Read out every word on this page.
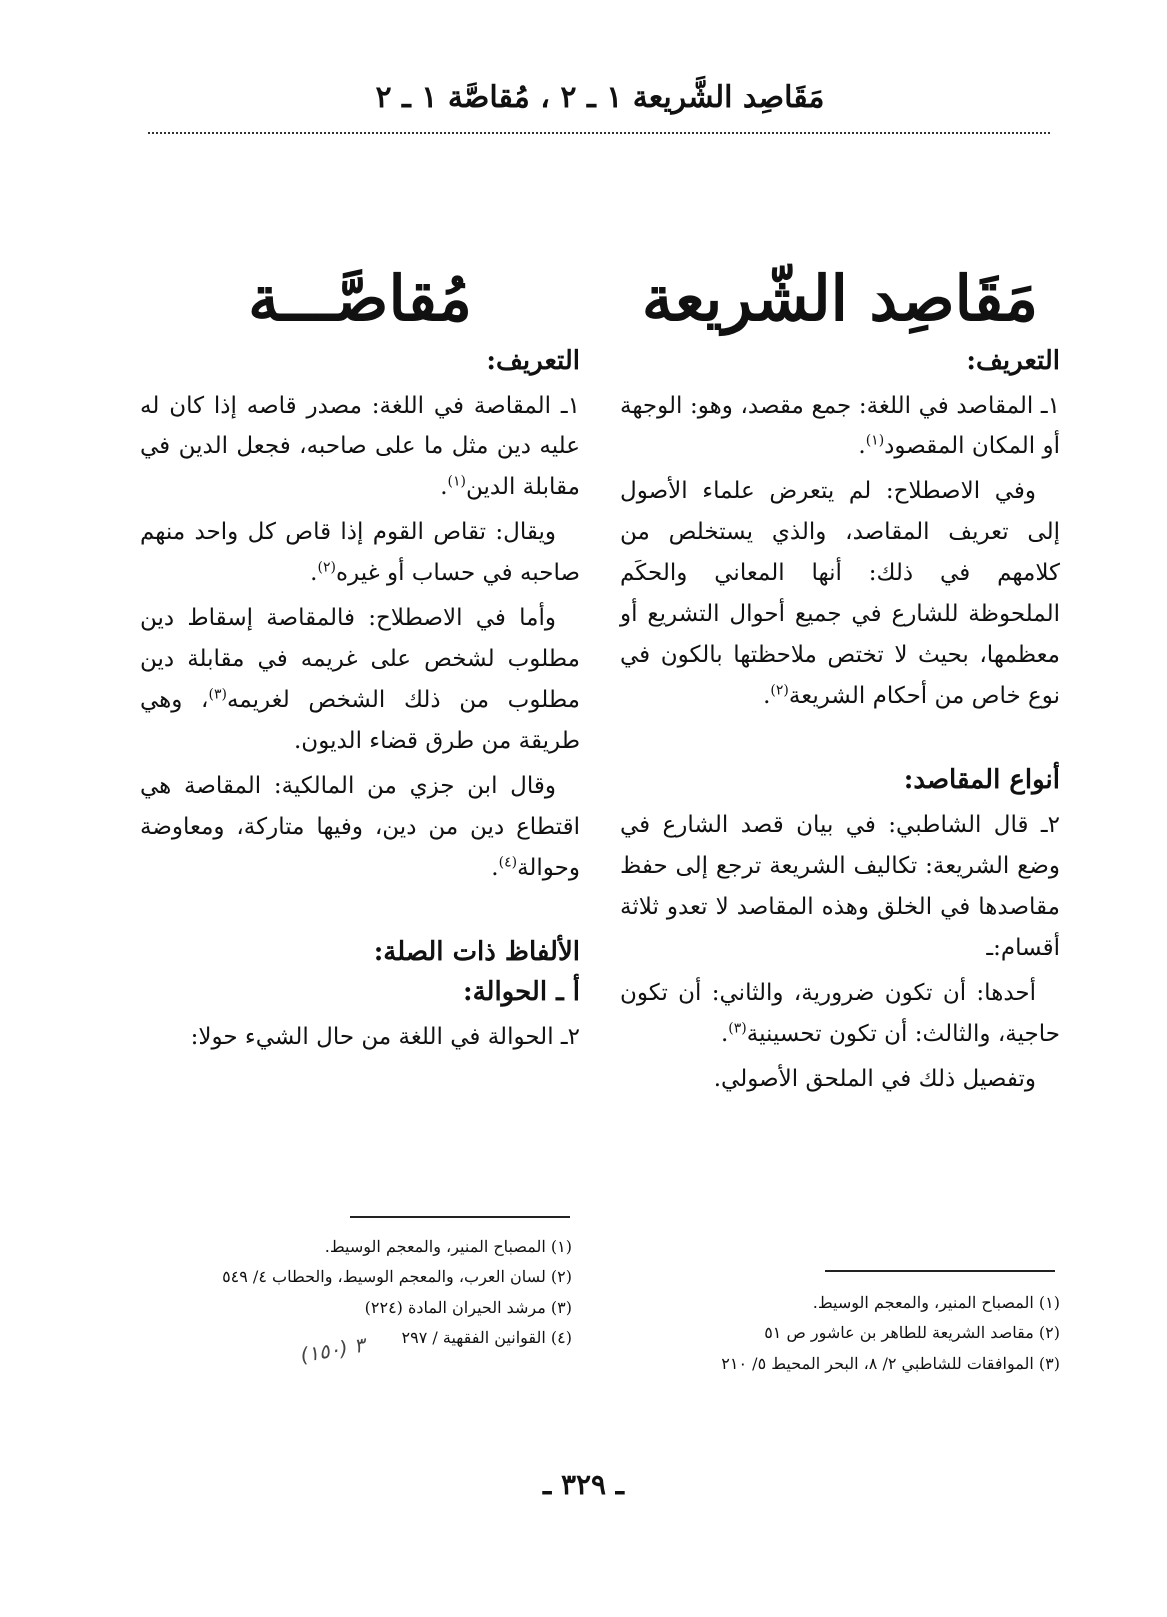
مَقَاصِد الشَّريعة ١ ـ ٢ ، مُقاصَّة ١ ـ ٢
مَقَاصِد الشّريعة
التعريف:

١ـ المقاصد في اللغة: جمع مقصد، وهو: الوجهة أو المكان المقصود$^{(١)}$.

وفي الاصطلاح: لم يتعرض علماء الأصول إلى تعريف المقاصد، والذي يستخلص من كلامهم في ذلك: أنها المعاني والحكَم الملحوظة للشارع في جميع أحوال التشريع أو معظمها، بحيث لا تختص ملاحظتها بالكون في نوع خاص من أحكام الشريعة$^{(٢)}$.

أنواع المقاصد:

٢ـ قال الشاطبي: في بيان قصد الشارع في وضع الشريعة: تكاليف الشريعة ترجع إلى حفظ مقاصدها في الخلق وهذه المقاصد لا تعدو ثلاثة أقسام:ـ

أحدها: أن تكون ضرورية، والثاني: أن تكون حاجية، والثالث: أن تكون تحسينية$^{(٣)}$.

وتفصيل ذلك في الملحق الأصولي.

مُقاصَّـــة
التعريف:

١ـ المقاصة في اللغة: مصدر قاصه إذا كان له عليه دين مثل ما على صاحبه، فجعل الدين في مقابلة الدين$^{(١)}$.

ويقال: تقاص القوم إذا قاص كل واحد منهم صاحبه في حساب أو غيره$^{(٢)}$.

وأما في الاصطلاح: فالمقاصة إسقاط دين مطلوب لشخص على غريمه في مقابلة دين مطلوب من ذلك الشخص لغريمه$^{(٣)}$، وهي طريقة من طرق قضاء الديون.

وقال ابن جزي من المالكية: المقاصة هي اقتطاع دين من دين، وفيها متاركة، ومعاوضة وحوالة$^{(٤)}$.

الألفاظ ذات الصلة:
أ ـ الحوالة:

٢ـ الحوالة في اللغة من حال الشيء حولا:

(١) المصباح المنير، والمعجم الوسيط.
(٢) لسان العرب، والمعجم الوسيط، والحطاب ٤/ ٥٤٩
(٣) مرشد الحيران المادة (٢٢٤)
(٤) القوانين الفقهية / ٢٩٧
٣ (١٥٠)
(١) المصباح المنير، والمعجم الوسيط.
(٢) مقاصد الشريعة للطاهر بن عاشور ص ٥١
(٣) الموافقات للشاطبي ٢/ ٨، البحر المحيط ٥/ ٢١٠
ـ ٣٢٩ ـ
